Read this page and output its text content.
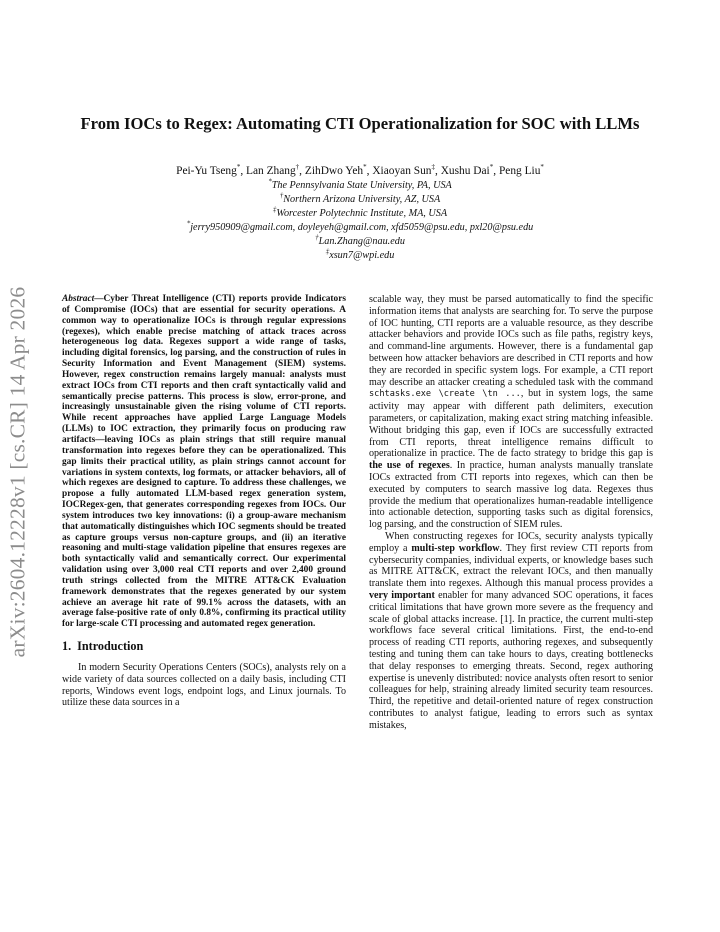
arXiv:2604.12228v1 [cs.CR] 14 Apr 2026
From IOCs to Regex: Automating CTI Operationalization for SOC with LLMs
Pei-Yu Tseng*, Lan Zhang†, ZihDwo Yeh*, Xiaoyan Sun‡, Xushu Dai*, Peng Liu*
*The Pennsylvania State University, PA, USA
†Northern Arizona University, AZ, USA
‡Worcester Polytechnic Institute, MA, USA
*jerry950909@gmail.com, doyleyeh@gmail.com, xfd5059@psu.edu, pxl20@psu.edu
†Lan.Zhang@nau.edu
‡xsun7@wpi.edu

Abstract—Cyber Threat Intelligence (CTI) reports provide Indicators of Compromise (IOCs) that are essential for security operations. A common way to operationalize IOCs is through regular expressions (regexes), which enable precise matching of attack traces across heterogeneous log data. Regexes support a wide range of tasks, including digital forensics, log parsing, and the construction of rules in Security Information and Event Management (SIEM) systems. However, regex construction remains largely manual: analysts must extract IOCs from CTI reports and then craft syntactically valid and semantically precise patterns. This process is slow, error-prone, and increasingly unsustainable given the rising volume of CTI reports. While recent approaches have applied Large Language Models (LLMs) to IOC extraction, they primarily focus on producing raw artifacts—leaving IOCs as plain strings that still require manual transformation into regexes before they can be operationalized. This gap limits their practical utility, as plain strings cannot account for variations in system contexts, log formats, or attacker behaviors, all of which regexes are designed to capture. To address these challenges, we propose a fully automated LLM-based regex generation system, IOCRegex-gen, that generates corresponding regexes from IOCs. Our system introduces two key innovations: (i) a group-aware mechanism that automatically distinguishes which IOC segments should be treated as capture groups versus non-capture groups, and (ii) an iterative reasoning and multi-stage validation pipeline that ensures regexes are both syntactically valid and semantically correct. Our experimental validation using over 3,000 real CTI reports and over 2,400 ground truth strings collected from the MITRE ATT&CK Evaluation framework demonstrates that the regexes generated by our system achieve an average hit rate of 99.1% across the datasets, with an average false-positive rate of only 0.8%, confirming its practical utility for large-scale CTI processing and automated regex generation.

1. Introduction

In modern Security Operations Centers (SOCs), analysts rely on a wide variety of data sources collected on a daily basis, including CTI reports, Windows event logs, endpoint logs, and Linux journals. To utilize these data sources in a

scalable way, they must be parsed automatically to find the specific information items that analysts are searching for. To serve the purpose of IOC hunting, CTI reports are a valuable resource, as they describe attacker behaviors and provide IOCs such as file paths, registry keys, and command-line arguments. However, there is a fundamental gap between how attacker behaviors are described in CTI reports and how they are recorded in specific system logs. For example, a CTI report may describe an attacker creating a scheduled task with the command schtasks.exe \create \tn ..., but in system logs, the same activity may appear with different path delimiters, execution parameters, or capitalization, making exact string matching infeasible. Without bridging this gap, even if IOCs are successfully extracted from CTI reports, threat intelligence remains difficult to operationalize in practice. The de facto strategy to bridge this gap is the use of regexes. In practice, human analysts manually translate IOCs extracted from CTI reports into regexes, which can then be executed by computers to search massive log data. Regexes thus provide the medium that operationalizes human-readable intelligence into actionable detection, supporting tasks such as digital forensics, log parsing, and the construction of SIEM rules.

When constructing regexes for IOCs, security analysts typically employ a multi-step workflow. They first review CTI reports from cybersecurity companies, individual experts, or knowledge bases such as MITRE ATT&CK, extract the relevant IOCs, and then manually translate them into regexes. Although this manual process provides a very important enabler for many advanced SOC operations, it faces critical limitations that have grown more severe as the frequency and scale of global attacks increase. [1]. In practice, the current multi-step workflows face several critical limitations. First, the end-to-end process of reading CTI reports, authoring regexes, and subsequently testing and tuning them can take hours to days, creating bottlenecks that delay responses to emerging threats. Second, regex authoring expertise is unevenly distributed: novice analysts often resort to senior colleagues for help, straining already limited security team resources. Third, the repetitive and detail-oriented nature of regex construction contributes to analyst fatigue, leading to errors such as syntax mistakes,
